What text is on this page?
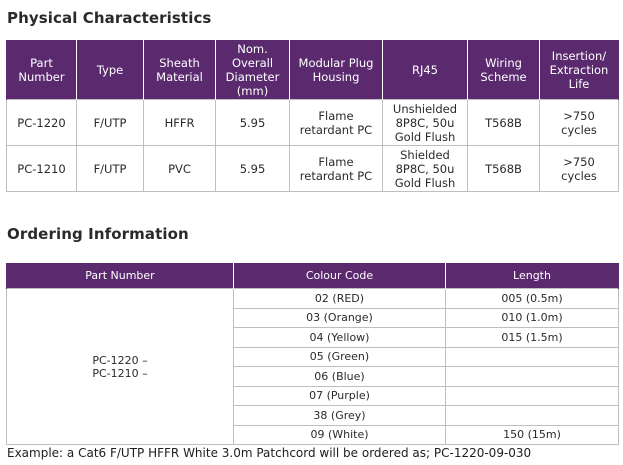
Physical Characteristics
Part
Number	Type	Sheath
Material	Nom.
Overall
Diameter
(mm)	Modular Plug
Housing	RJ45	Wiring
Scheme	Insertion/
Extraction
Life

PC-1220	F/UTP	HFFR	5.95	Flame
retardant PC	Unshielded
8P8C, 50u
Gold Flush	T568B	>750
cycles

PC-1210	F/UTP	PVC	5.95	Flame
retardant PC	Shielded
8P8C, 50u
Gold Flush	T568B	>750
cycles
Ordering Information
Part Number	Colour Code	Length

PC-1220 –
PC-1210 –	02 (RED)	005 (0.5m)
	03 (Orange)	010 (1.0m)
	04 (Yellow)	015 (1.5m)
	05 (Green)	
	06 (Blue)	
	07 (Purple)	
	38 (Grey)	
	09 (White)	150 (15m)

Example: a Cat6 F/UTP HFFR White 3.0m Patchcord will be ordered as; PC-1220-09-030
